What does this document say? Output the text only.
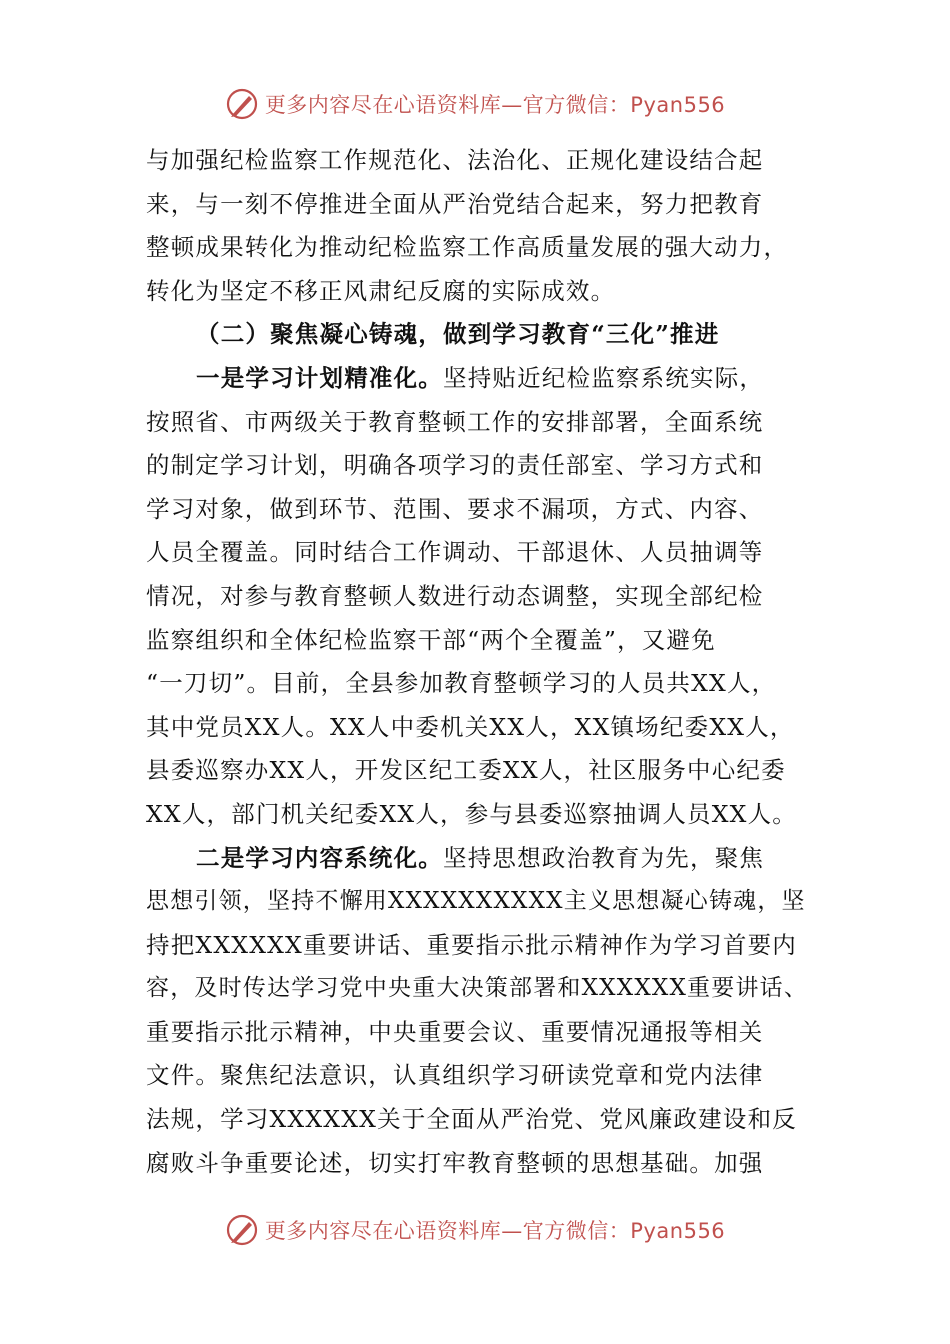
更多内容尽在心语资料库—官方微信：Pyan556
与加强纪检监察工作规范化、法治化、正规化建设结合起
来，与一刻不停推进全面从严治党结合起来，努力把教育
整顿成果转化为推动纪检监察工作高质量发展的强大动力，
转化为坚定不移正风肃纪反腐的实际成效。
（二）聚焦凝心铸魂，做到学习教育“三化”推进
一是学习计划精准化。坚持贴近纪检监察系统实际，
按照省、市两级关于教育整顿工作的安排部署，全面系统
的制定学习计划，明确各项学习的责任部室、学习方式和
学习对象，做到环节、范围、要求不漏项，方式、内容、
人员全覆盖。同时结合工作调动、干部退休、人员抽调等
情况，对参与教育整顿人数进行动态调整，实现全部纪检
监察组织和全体纪检监察干部“两个全覆盖”，又避免
“一刀切”。目前，全县参加教育整顿学习的人员共XX人，
其中党员XX人。XX人中委机关XX人，XX镇场纪委XX人，
县委巡察办XX人，开发区纪工委XX人，社区服务中心纪委
XX人，部门机关纪委XX人，参与县委巡察抽调人员XX人。
二是学习内容系统化。坚持思想政治教育为先，聚焦
思想引领，坚持不懈用XXXXXXXXXX主义思想凝心铸魂，坚
持把XXXXXX重要讲话、重要指示批示精神作为学习首要内
容，及时传达学习党中央重大决策部署和XXXXXX重要讲话、
重要指示批示精神，中央重要会议、重要情况通报等相关
文件。聚焦纪法意识，认真组织学习研读党章和党内法律
法规，学习XXXXXX关于全面从严治党、党风廉政建设和反
腐败斗争重要论述，切实打牢教育整顿的思想基础。加强
更多内容尽在心语资料库—官方微信：Pyan556
